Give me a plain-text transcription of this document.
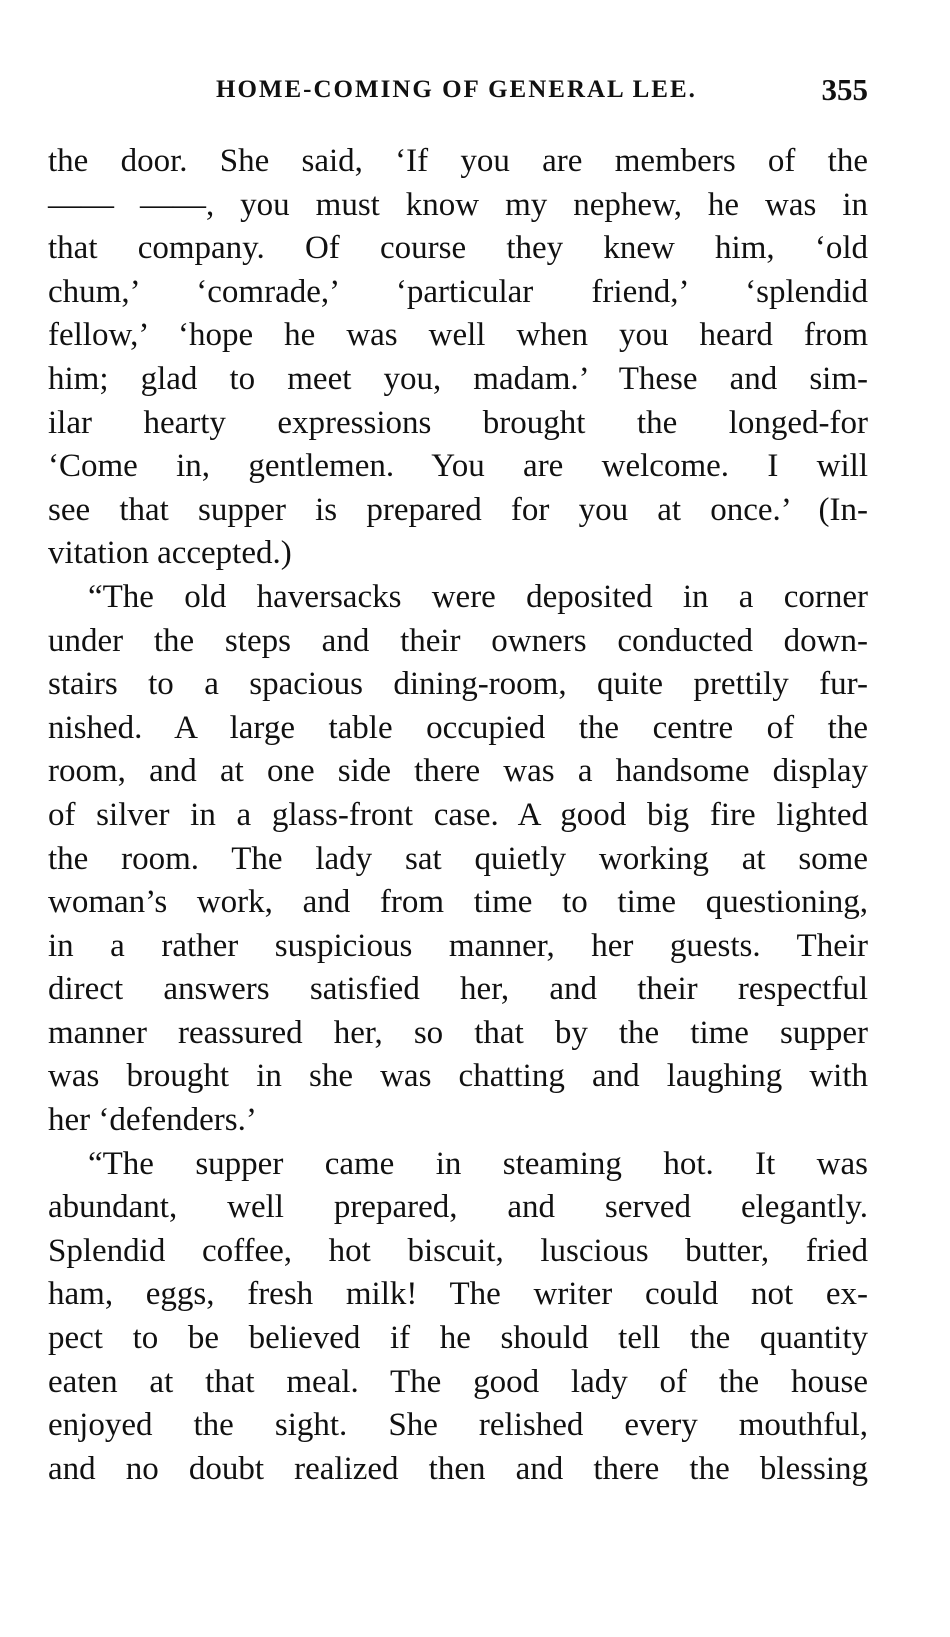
HOME-COMING OF GENERAL LEE.	355
the door. She said, ‘If you are members of the
—— ——, you must know my nephew, he was in
that company. Of course they knew him, ‘old
chum,’ ‘comrade,’ ‘particular friend,’ ‘splendid
fellow,’ ‘hope he was well when you heard from
him; glad to meet you, madam.’ These and sim-
ilar hearty expressions brought the longed-for
‘Come in, gentlemen. You are welcome. I will
see that supper is prepared for you at once.’ (In-
vitation accepted.)
“The old haversacks were deposited in a corner
under the steps and their owners conducted down-
stairs to a spacious dining-room, quite prettily fur-
nished. A large table occupied the centre of the
room, and at one side there was a handsome display
of silver in a glass-front case. A good big fire lighted
the room. The lady sat quietly working at some
woman’s work, and from time to time questioning,
in a rather suspicious manner, her guests. Their
direct answers satisfied her, and their respectful
manner reassured her, so that by the time supper
was brought in she was chatting and laughing with
her ‘defenders.’
“The supper came in steaming hot. It was
abundant, well prepared, and served elegantly.
Splendid coffee, hot biscuit, luscious butter, fried
ham, eggs, fresh milk! The writer could not ex-
pect to be believed if he should tell the quantity
eaten at that meal. The good lady of the house
enjoyed the sight. She relished every mouthful,
and no doubt realized then and there the blessing
